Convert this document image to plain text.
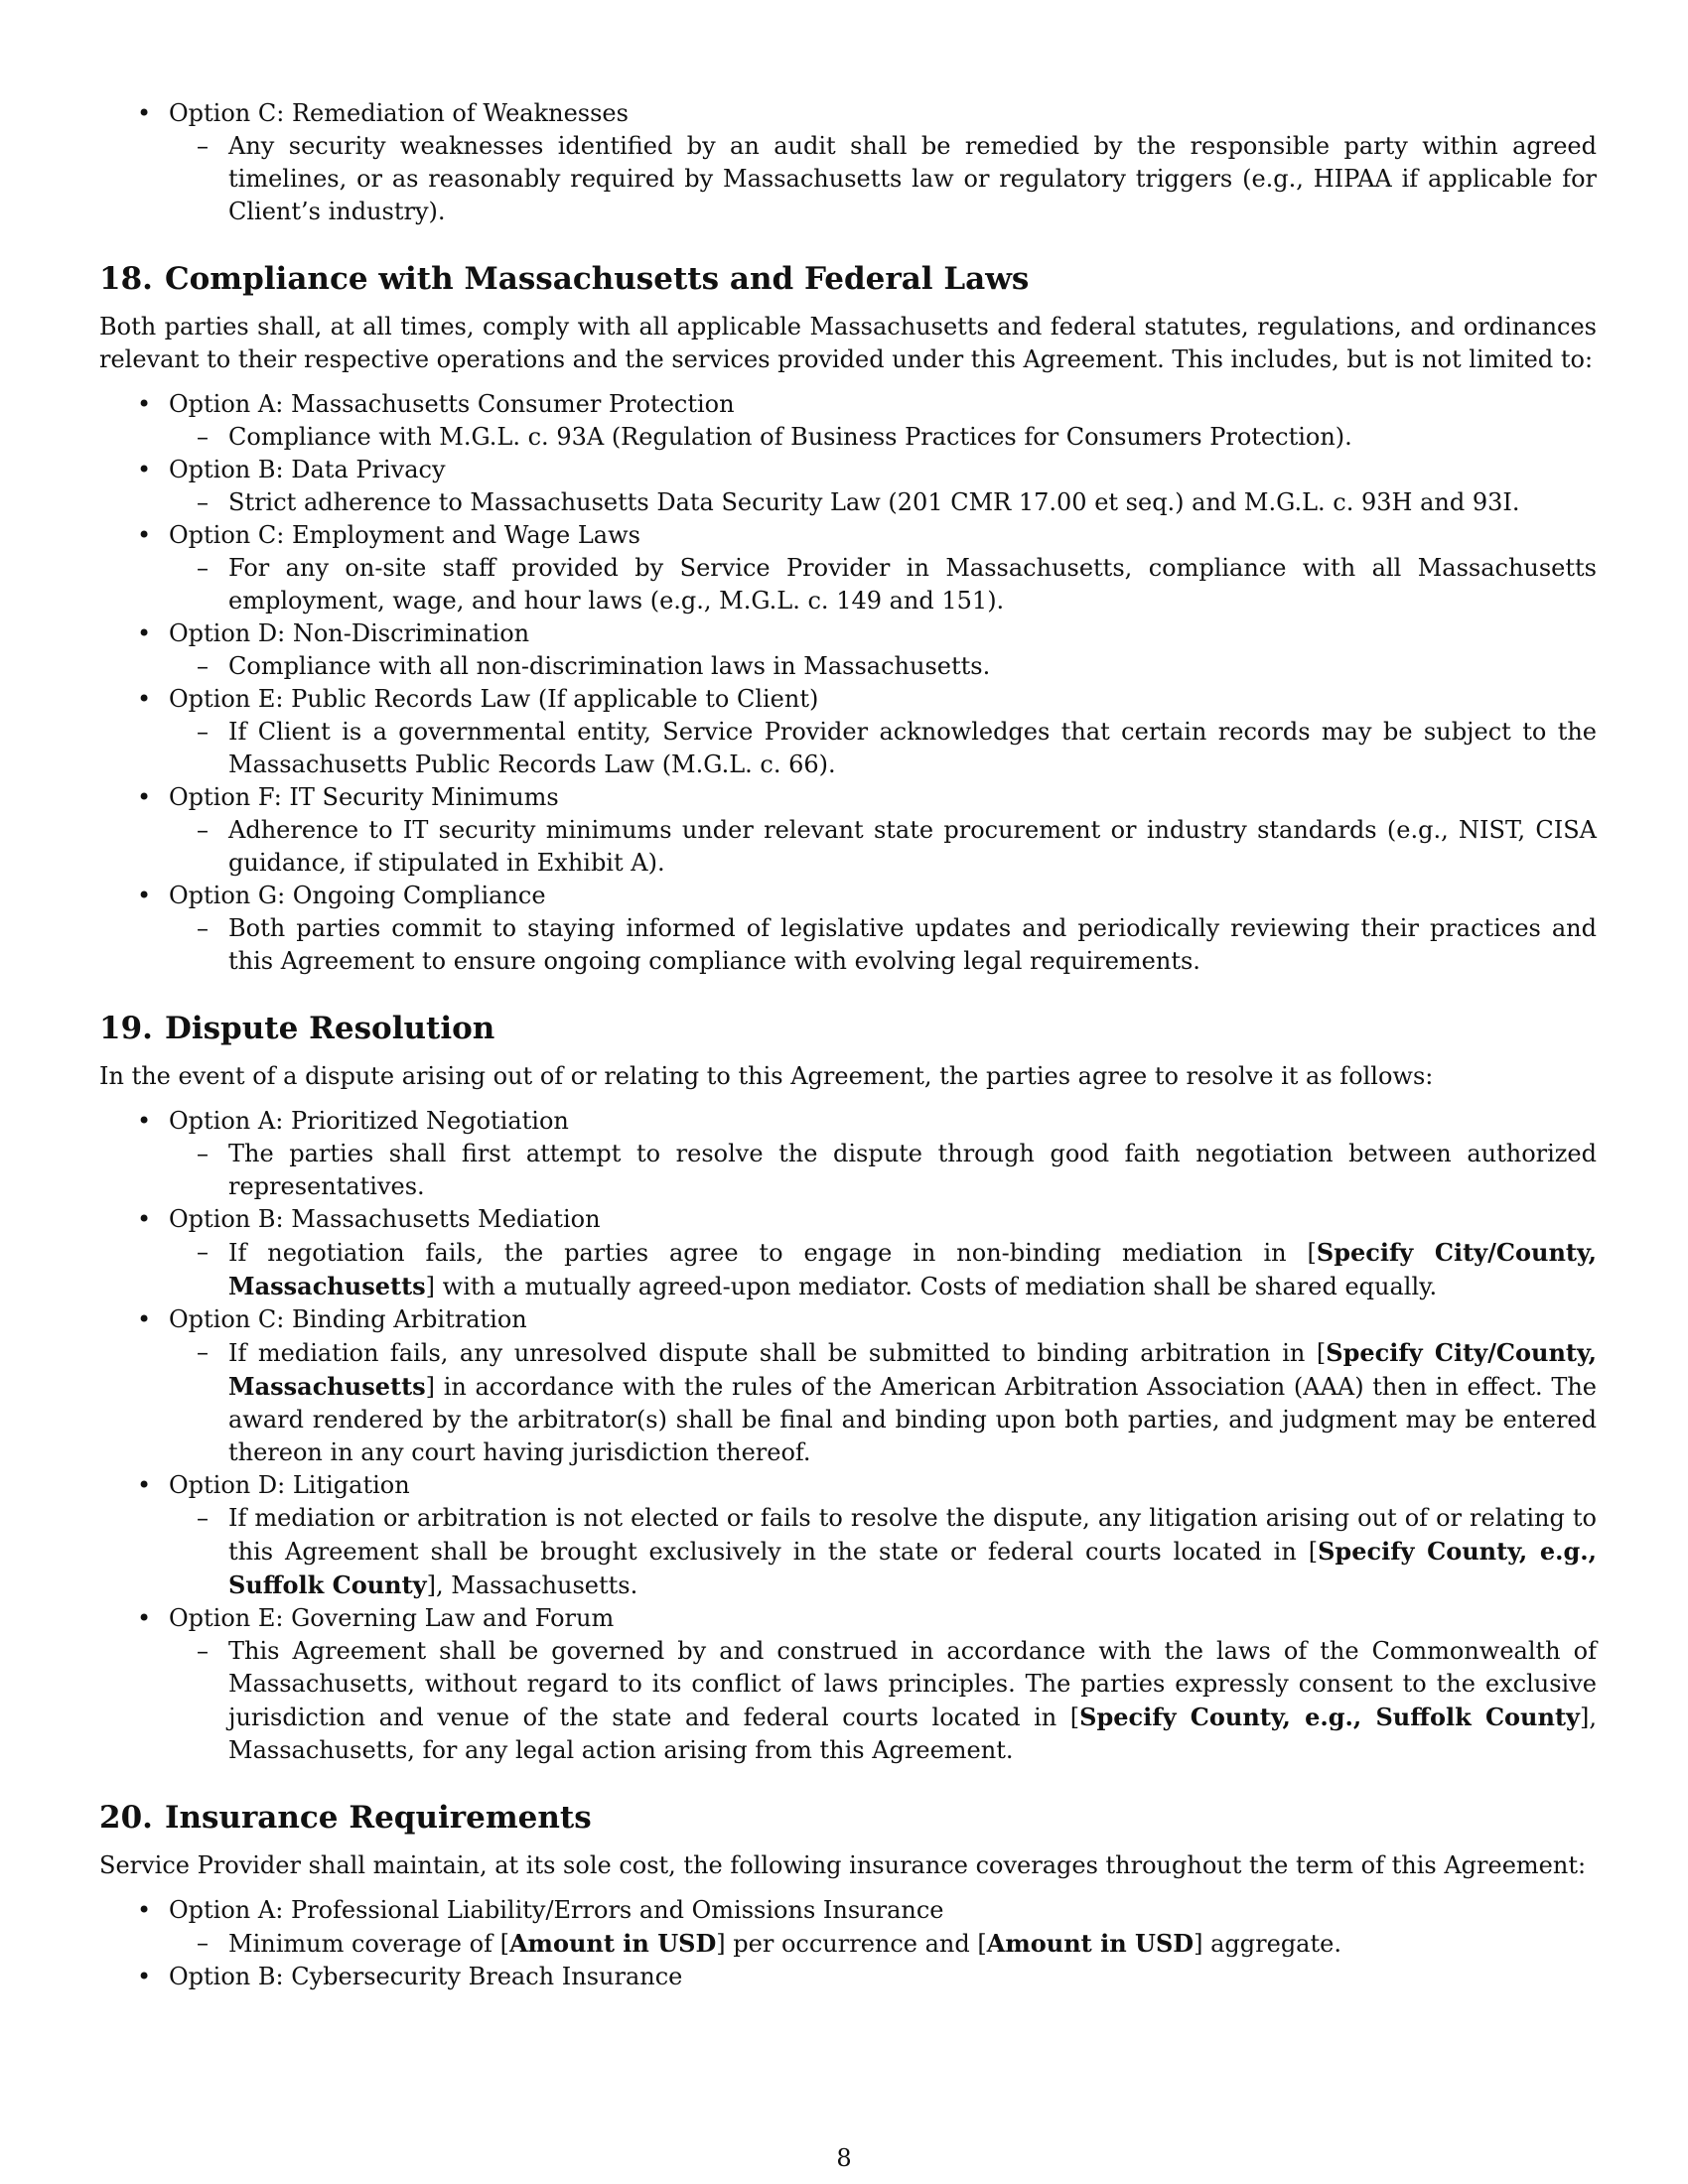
• Option C: Remediation of Weaknesses
– Any security weaknesses identified by an audit shall be remedied by the responsible party within agreed timelines, or as reasonably required by Massachusetts law or regulatory triggers (e.g., HIPAA if applicable for Client’s industry).
18. Compliance with Massachusetts and Federal Laws

Both parties shall, at all times, comply with all applicable Massachusetts and federal statutes, regulations, and ordinances relevant to their respective operations and the services provided under this Agreement. This includes, but is not limited to:

• Option A: Massachusetts Consumer Protection
– Compliance with M.G.L. c. 93A (Regulation of Business Practices for Consumers Protection).
• Option B: Data Privacy
– Strict adherence to Massachusetts Data Security Law (201 CMR 17.00 et seq.) and M.G.L. c. 93H and 93I.
• Option C: Employment and Wage Laws
– For any on-site staff provided by Service Provider in Massachusetts, compliance with all Massachusetts employment, wage, and hour laws (e.g., M.G.L. c. 149 and 151).
• Option D: Non-Discrimination
– Compliance with all non-discrimination laws in Massachusetts.
• Option E: Public Records Law (If applicable to Client)
– If Client is a governmental entity, Service Provider acknowledges that certain records may be subject to the Massachusetts Public Records Law (M.G.L. c. 66).
• Option F: IT Security Minimums
– Adherence to IT security minimums under relevant state procurement or industry standards (e.g., NIST, CISA guidance, if stipulated in Exhibit A).
• Option G: Ongoing Compliance
– Both parties commit to staying informed of legislative updates and periodically reviewing their practices and this Agreement to ensure ongoing compliance with evolving legal requirements.
19. Dispute Resolution

In the event of a dispute arising out of or relating to this Agreement, the parties agree to resolve it as follows:

• Option A: Prioritized Negotiation
– The parties shall first attempt to resolve the dispute through good faith negotiation between authorized representatives.
• Option B: Massachusetts Mediation
– If negotiation fails, the parties agree to engage in non-binding mediation in [Specify City/County, Massachusetts] with a mutually agreed-upon mediator. Costs of mediation shall be shared equally.
• Option C: Binding Arbitration
– If mediation fails, any unresolved dispute shall be submitted to binding arbitration in [Specify City/County, Massachusetts] in accordance with the rules of the American Arbitration Association (AAA) then in effect. The award rendered by the arbitrator(s) shall be final and binding upon both parties, and judgment may be entered thereon in any court having jurisdiction thereof.
• Option D: Litigation
– If mediation or arbitration is not elected or fails to resolve the dispute, any litigation arising out of or relating to this Agreement shall be brought exclusively in the state or federal courts located in [Specify County, e.g., Suffolk County], Massachusetts.
• Option E: Governing Law and Forum
– This Agreement shall be governed by and construed in accordance with the laws of the Commonwealth of Massachusetts, without regard to its conflict of laws principles. The parties expressly consent to the exclusive jurisdiction and venue of the state and federal courts located in [Specify County, e.g., Suffolk County], Massachusetts, for any legal action arising from this Agreement.
20. Insurance Requirements

Service Provider shall maintain, at its sole cost, the following insurance coverages throughout the term of this Agreement:

• Option A: Professional Liability/Errors and Omissions Insurance
– Minimum coverage of [Amount in USD] per occurrence and [Amount in USD] aggregate.
• Option B: Cybersecurity Breach Insurance
8
